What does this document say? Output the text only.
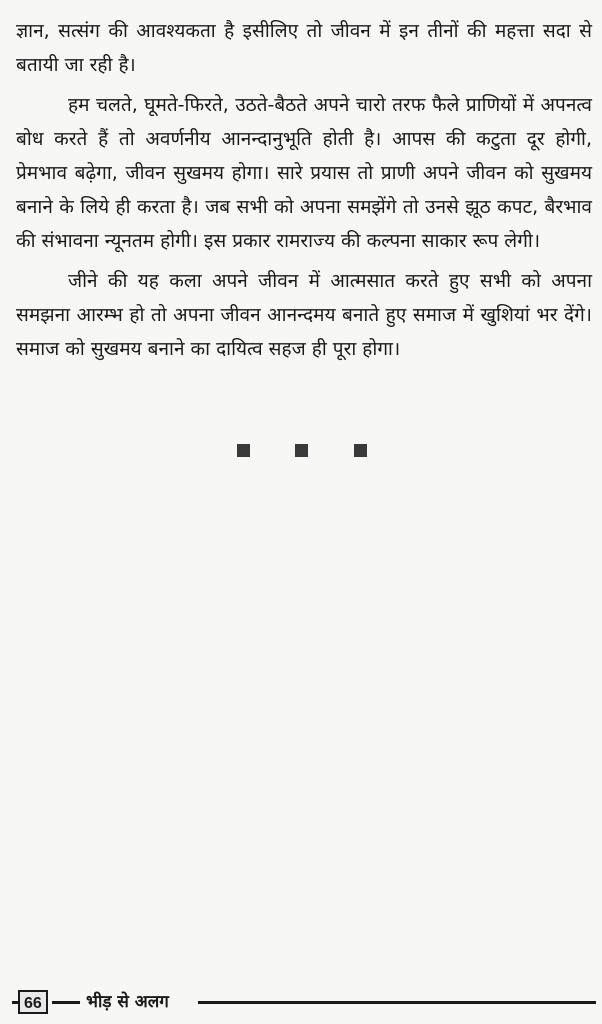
ज्ञान, सत्संग की आवश्यकता है इसीलिए तो जीवन में इन तीनों की महत्ता सदा से बतायी जा रही है।

हम चलते, घूमते-फिरते, उठते-बैठते अपने चारो तरफ फैले प्राणियों में अपनत्व बोध करते हैं तो अवर्णनीय आनन्दानुभूति होती है। आपस की कटुता दूर होगी, प्रेमभाव बढ़ेगा, जीवन सुखमय होगा। सारे प्रयास तो प्राणी अपने जीवन को सुखमय बनाने के लिये ही करता है। जब सभी को अपना समझेंगे तो उनसे झूठ कपट, बैरभाव की संभावना न्यूनतम होगी। इस प्रकार रामराज्य की कल्पना साकार रूप लेगी।

जीने की यह कला अपने जीवन में आत्मसात करते हुए सभी को अपना समझना आरम्भ हो तो अपना जीवन आनन्दमय बनाते हुए समाज में खुशियां भर देंगे। समाज को सुखमय बनाने का दायित्व सहज ही पूरा होगा।

66	भीड़ से अलग
